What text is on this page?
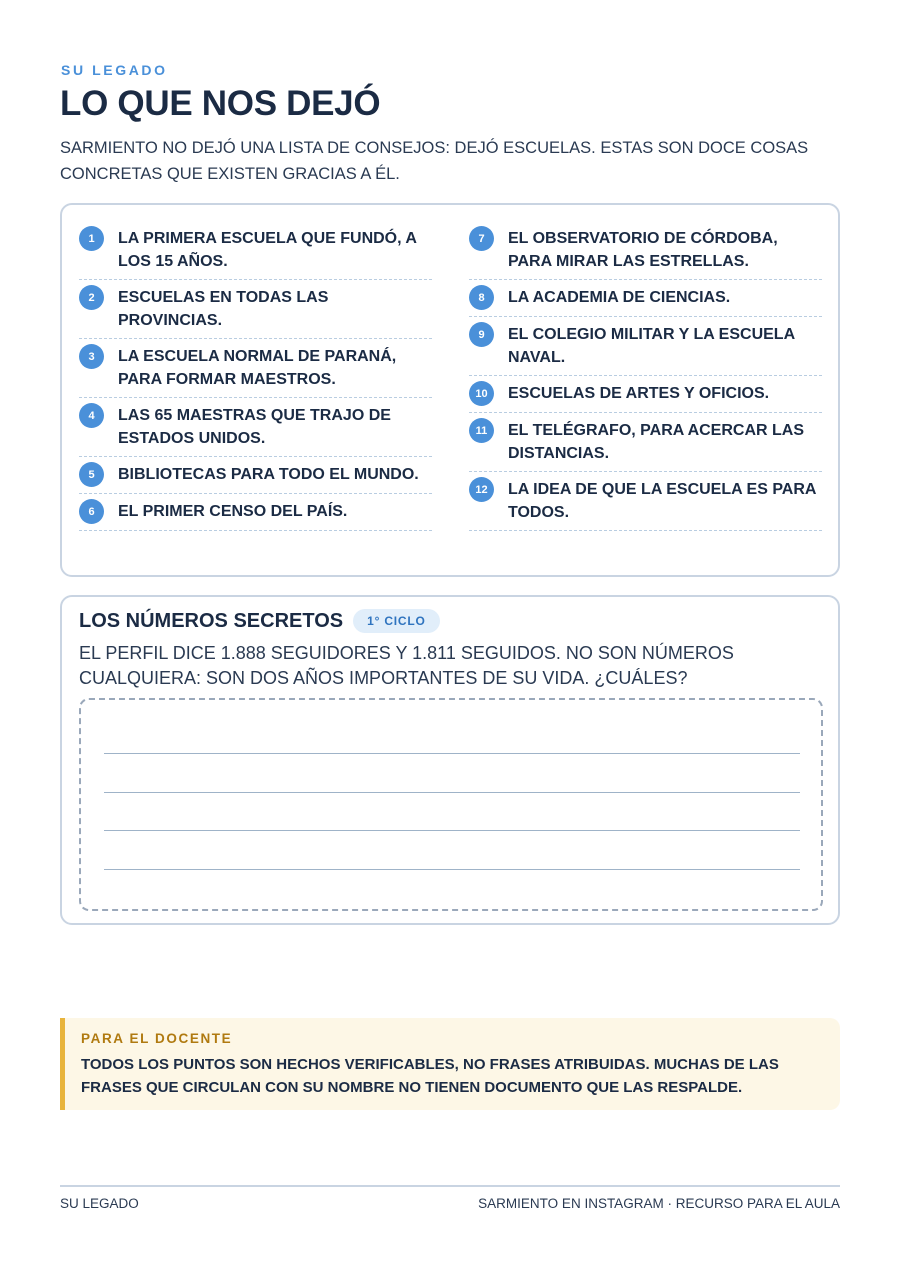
SU LEGADO
LO QUE NOS DEJÓ

SARMIENTO NO DEJÓ UNA LISTA DE CONSEJOS: DEJÓ ESCUELAS. ESTAS SON DOCE COSAS CONCRETAS QUE EXISTEN GRACIAS A ÉL.

1	LA PRIMERA ESCUELA QUE FUNDÓ, A LOS 15 AÑOS.
2	ESCUELAS EN TODAS LAS PROVINCIAS.
3	LA ESCUELA NORMAL DE PARANÁ, PARA FORMAR MAESTROS.
4	LAS 65 MAESTRAS QUE TRAJO DE ESTADOS UNIDOS.
5	BIBLIOTECAS PARA TODO EL MUNDO.
6	EL PRIMER CENSO DEL PAÍS.
7	EL OBSERVATORIO DE CÓRDOBA, PARA MIRAR LAS ESTRELLAS.
8	LA ACADEMIA DE CIENCIAS.
9	EL COLEGIO MILITAR Y LA ESCUELA NAVAL.
10	ESCUELAS DE ARTES Y OFICIOS.
11	EL TELÉGRAFO, PARA ACERCAR LAS DISTANCIAS.
12	LA IDEA DE QUE LA ESCUELA ES PARA TODOS.
LOS NÚMEROS SECRETOS	1° CICLO

EL PERFIL DICE 1.888 SEGUIDORES Y 1.811 SEGUIDOS. NO SON NÚMEROS CUALQUIERA: SON DOS AÑOS IMPORTANTES DE SU VIDA. ¿CUÁLES?

PARA EL DOCENTE

TODOS LOS PUNTOS SON HECHOS VERIFICABLES, NO FRASES ATRIBUIDAS. MUCHAS DE LAS FRASES QUE CIRCULAN CON SU NOMBRE NO TIENEN DOCUMENTO QUE LAS RESPALDE.

SU LEGADO	SARMIENTO EN INSTAGRAM · RECURSO PARA EL AULA
